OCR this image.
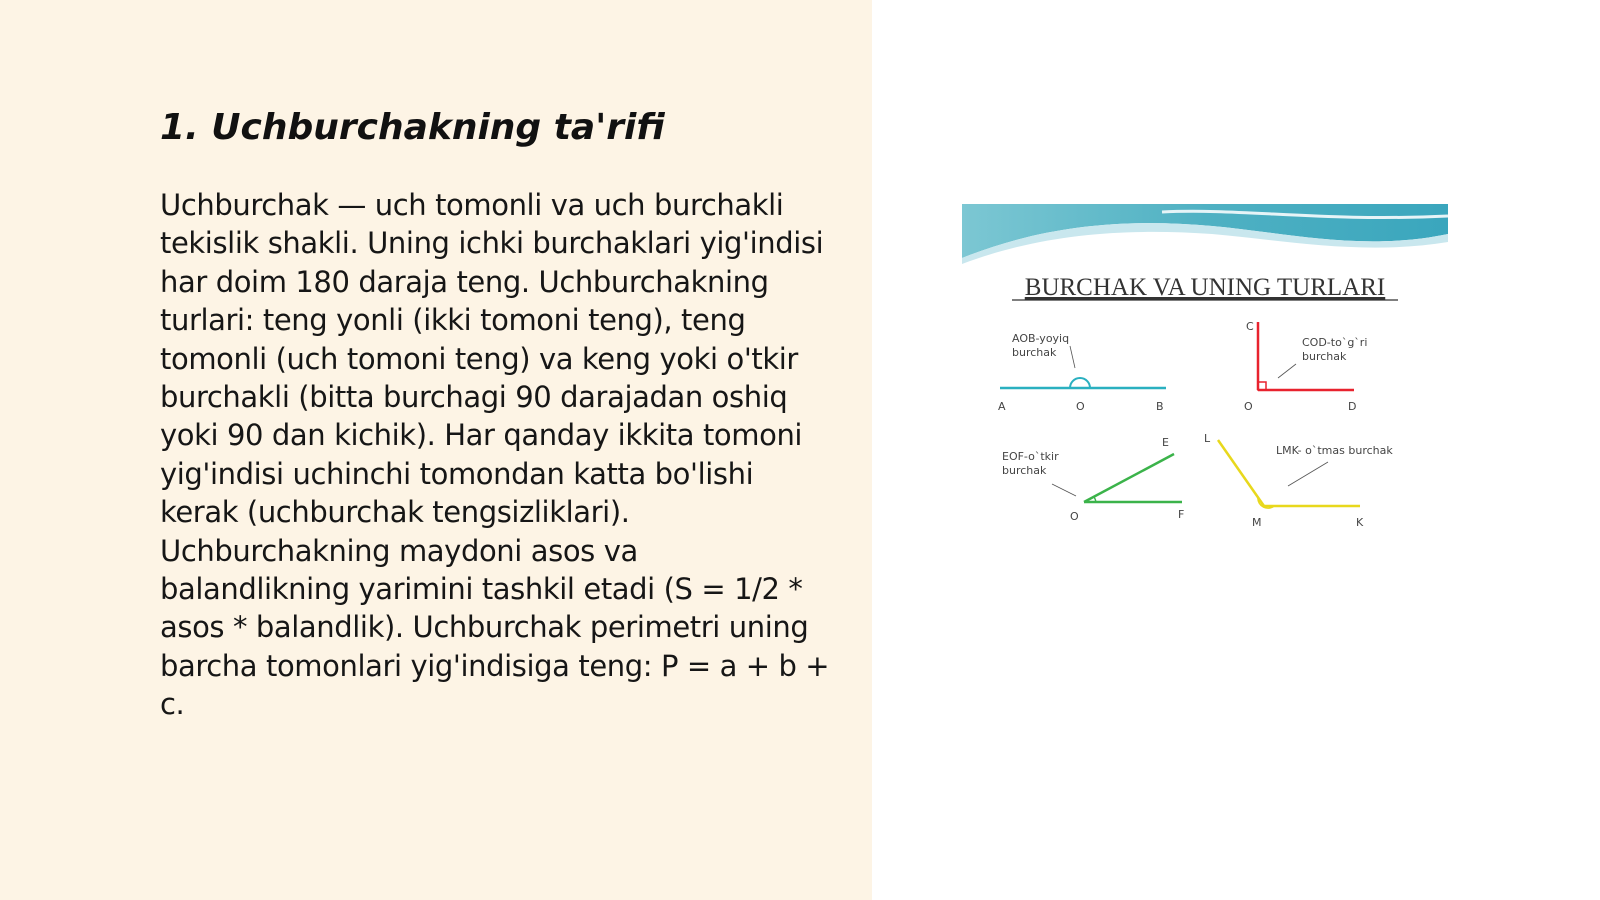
1. Uchburchakning ta'rifi

Uchburchak — uch tomonli va uch burchakli tekislik shakli. Uning ichki burchaklari yig'indisi har doim 180 daraja teng. Uchburchakning turlari: teng yonli (ikki tomoni teng), teng tomonli (uch tomoni teng) va keng yoki o'tkir burchakli (bitta burchagi 90 darajadan oshiq yoki 90 dan kichik). Har qanday ikkita tomoni yig'indisi uchinchi tomondan katta bo'lishi kerak (uchburchak tengsizliklari). Uchburchakning maydoni asos va balandlikning yarimini tashkil etadi (S = 1/2 * asos * balandlik). Uchburchak perimetri uning barcha tomonlari yig'indisiga teng: P = a + b + c.

BURCHAK VA UNING TURLARI
AOB-yoyiq
burchak
A	O	B
C
COD-to`g`ri
burchak
O	D
EOF-o`tkir
burchak
E
O	F
L
LMK- o`tmas burchak
M	K
